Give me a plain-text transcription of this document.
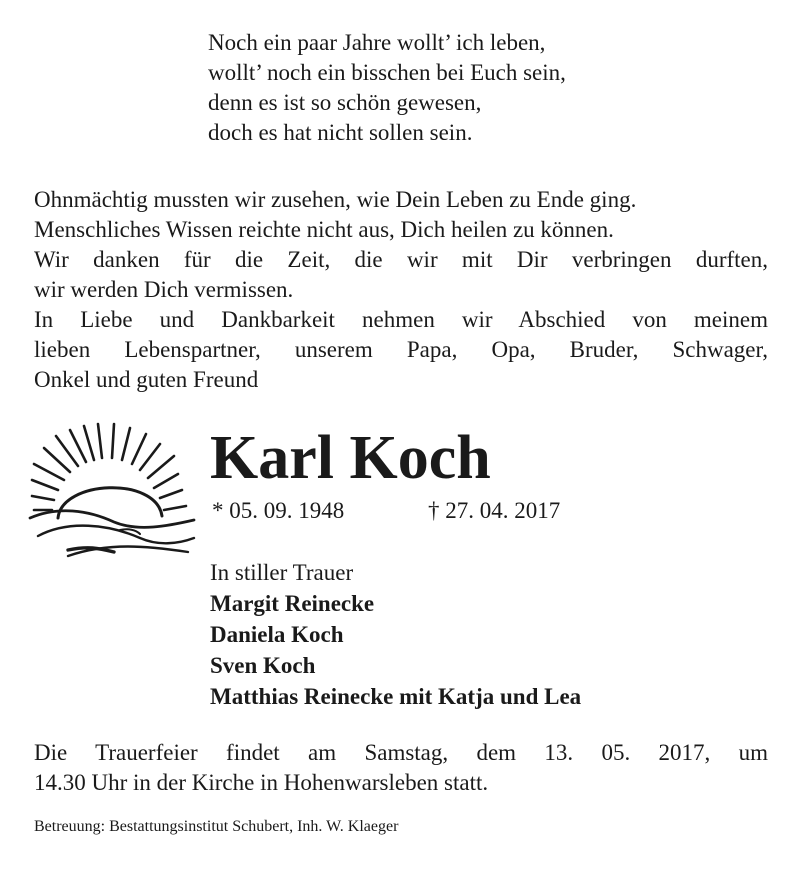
Noch ein paar Jahre wollt’ ich leben,
wollt’ noch ein bisschen bei Euch sein,
denn es ist so schön gewesen,
doch es hat nicht sollen sein.
Ohnmächtig mussten wir zusehen, wie Dein Leben zu Ende ging.
Menschliches Wissen reichte nicht aus, Dich heilen zu können.
Wir danken für die Zeit, die wir mit Dir verbringen durften,
wir werden Dich vermissen.
In Liebe und Dankbarkeit nehmen wir Abschied von meinem
lieben Lebenspartner, unserem Papa, Opa, Bruder, Schwager,
Onkel und guten Freund
Karl Koch
* 05. 09. 1948	† 27. 04. 2017
In stiller Trauer
Margit Reinecke
Daniela Koch
Sven Koch
Matthias Reinecke mit Katja und Lea
Die Trauerfeier findet am Samstag, dem 13. 05. 2017, um
14.30 Uhr in der Kirche in Hohenwarsleben statt.
Betreuung: Bestattungsinstitut Schubert, Inh. W. Klaeger
